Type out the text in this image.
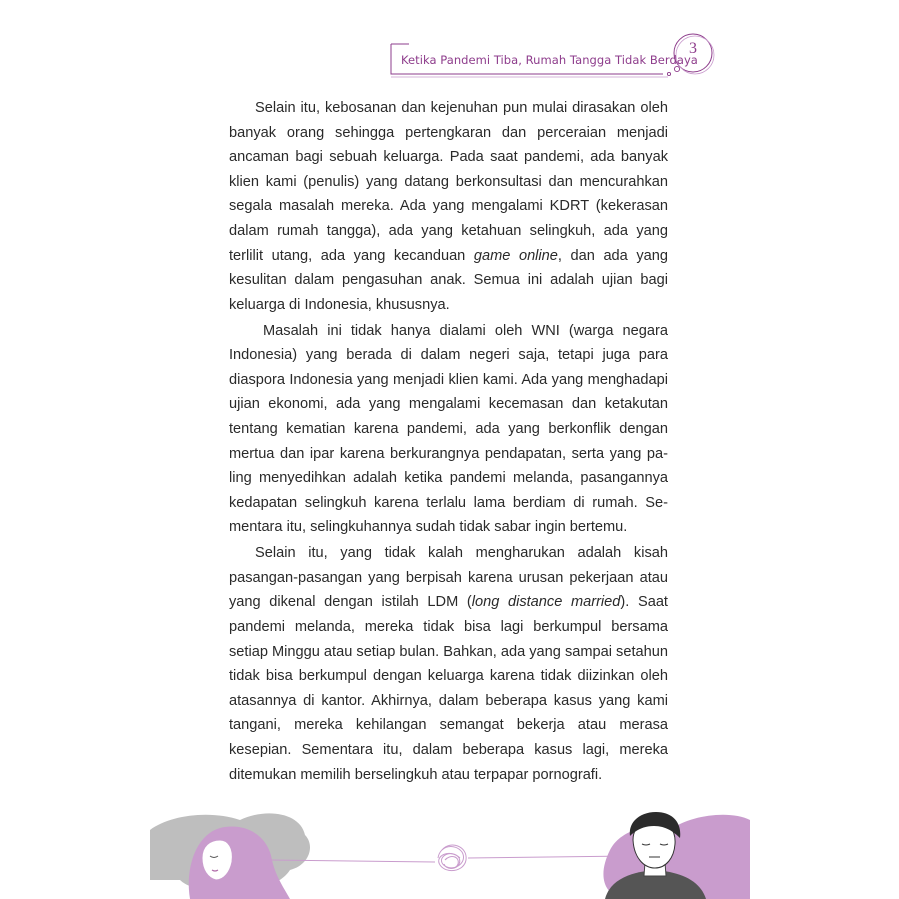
Ketika Pandemi Tiba, Rumah Tangga Tidak Berdaya
3

Selain itu, kebosanan dan kejenuhan pun mulai dirasakan oleh banyak orang sehingga pertengkaran dan perceraian menjadi ancaman bagi sebuah keluarga. Pada saat pandemi, ada banyak klien kami (penulis) yang datang berkonsultasi dan mencurahkan segala masalah mereka. Ada yang mengalami KDRT (kekerasan dalam rumah tangga), ada yang ketahuan selingkuh, ada yang terlilit utang, ada yang kecanduan game online, dan ada yang kesulitan dalam pengasuhan anak. Semua ini adalah ujian bagi keluarga di Indonesia, khususnya.

Masalah ini tidak hanya dialami oleh WNI (warga negara Indonesia) yang berada di dalam negeri saja, tetapi juga para diaspora Indonesia yang menjadi klien kami. Ada yang menghadapi ujian ekonomi, ada yang mengalami kecemasan dan ketakutan tentang kematian karena pandemi, ada yang berkonflik dengan mertua dan ipar karena berkurangnya pendapatan, serta yang paling menyedihkan adalah ketika pandemi melanda, pasangannya kedapatan selingkuh karena terlalu lama berdiam di rumah. Sementara itu, selingkuhannya sudah tidak sabar ingin bertemu.

Selain itu, yang tidak kalah mengharukan adalah kisah pasangan-pasangan yang berpisah karena urusan pekerjaan atau yang dikenal dengan istilah LDM (long distance married). Saat pandemi melanda, mereka tidak bisa lagi berkumpul bersama setiap Minggu atau setiap bulan. Bahkan, ada yang sampai setahun tidak bisa berkumpul dengan keluarga karena tidak diizinkan oleh atasannya di kantor. Akhirnya, dalam beberapa kasus yang kami tangani, mereka kehilangan semangat bekerja atau merasa kesepian. Sementara itu, dalam beberapa kasus lagi, mereka ditemukan memilih berselingkuh atau terpapar pornografi.
